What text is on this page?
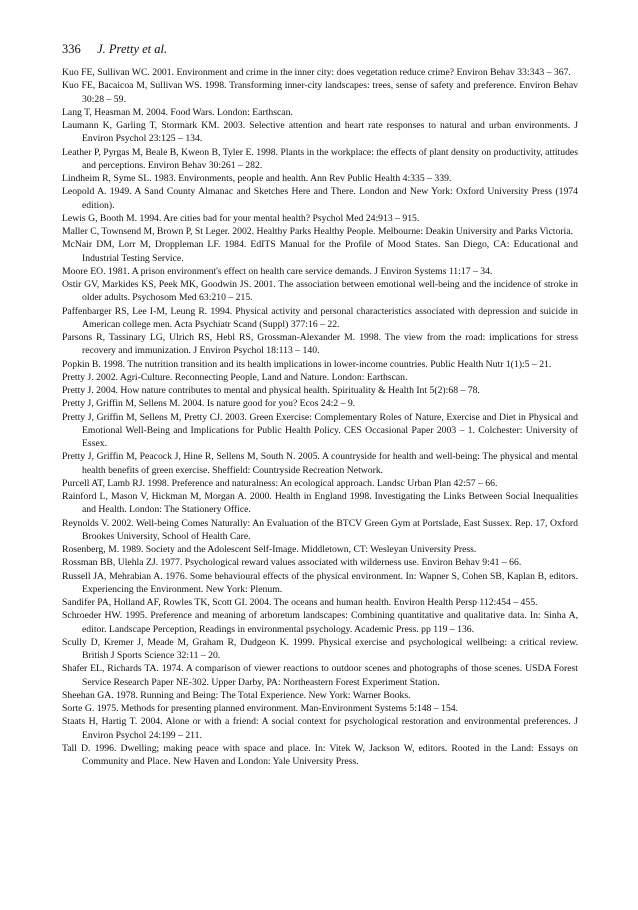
336 J. Pretty et al.

Kuo FE, Sullivan WC. 2001. Environment and crime in the inner city: does vegetation reduce crime? Environ Behav 33:343 – 367.

Kuo FE, Bacaicoa M, Sullivan WS. 1998. Transforming inner-city landscapes: trees, sense of safety and preference. Environ Behav 30:28 – 59.

Lang T, Heasman M. 2004. Food Wars. London: Earthscan.

Laumann K, Garling T, Stormark KM. 2003. Selective attention and heart rate responses to natural and urban environments. J Environ Psychol 23:125 – 134.

Leather P, Pyrgas M, Beale B, Kweon B, Tyler E. 1998. Plants in the workplace: the effects of plant density on productivity, attitudes and perceptions. Environ Behav 30:261 – 282.

Lindheim R, Syme SL. 1983. Environments, people and health. Ann Rev Public Health 4:335 – 339.

Leopold A. 1949. A Sand County Almanac and Sketches Here and There. London and New York: Oxford University Press (1974 edition).

Lewis G, Booth M. 1994. Are cities bad for your mental health? Psychol Med 24:913 – 915.

Maller C, Townsend M, Brown P, St Leger. 2002. Healthy Parks Healthy People. Melbourne: Deakin University and Parks Victoria.

McNair DM, Lorr M, Droppleman LF. 1984. EdITS Manual for the Profile of Mood States. San Diego, CA: Educational and Industrial Testing Service.

Moore EO. 1981. A prison environment's effect on health care service demands. J Environ Systems 11:17 – 34.

Ostir GV, Markides KS, Peek MK, Goodwin JS. 2001. The association between emotional well-being and the incidence of stroke in older adults. Psychosom Med 63:210 – 215.

Paffenbarger RS, Lee I-M, Leung R. 1994. Physical activity and personal characteristics associated with depression and suicide in American college men. Acta Psychiatr Scand (Suppl) 377:16 – 22.

Parsons R, Tassinary LG, Ulrich RS, Hebl RS, Grossman-Alexander M. 1998. The view from the road: implications for stress recovery and immunization. J Environ Psychol 18:113 – 140.

Popkin B. 1998. The nutrition transition and its health implications in lower-income countries. Public Health Nutr 1(1):5 – 21.

Pretty J. 2002. Agri-Culture. Reconnecting People, Land and Nature. London: Earthscan.

Pretty J. 2004. How nature contributes to mental and physical health. Spirituality & Health Int 5(2):68 – 78.

Pretty J, Griffin M, Sellens M. 2004. Is nature good for you? Ecos 24:2 – 9.

Pretty J, Griffin M, Sellens M, Pretty CJ. 2003. Green Exercise: Complementary Roles of Nature, Exercise and Diet in Physical and Emotional Well-Being and Implications for Public Health Policy. CES Occasional Paper 2003 – 1. Colchester: University of Essex.

Pretty J, Griffin M, Peacock J, Hine R, Sellens M, South N. 2005. A countryside for health and well-being: The physical and mental health benefits of green exercise. Sheffield: Countryside Recreation Network.

Purcell AT, Lamb RJ. 1998. Preference and naturalness: An ecological approach. Landsc Urban Plan 42:57 – 66.

Rainford L, Mason V, Hickman M, Morgan A. 2000. Health in England 1998. Investigating the Links Between Social Inequalities and Health. London: The Stationery Office.

Reynolds V. 2002. Well-being Comes Naturally: An Evaluation of the BTCV Green Gym at Portslade, East Sussex. Rep. 17, Oxford Brookes University, School of Health Care.

Rosenberg, M. 1989. Society and the Adolescent Self-Image. Middletown, CT: Wesleyan University Press.

Rossman BB, Ulehla ZJ. 1977. Psychological reward values associated with wilderness use. Environ Behav 9:41 – 66.

Russell JA, Mehrabian A. 1976. Some behavioural effects of the physical environment. In: Wapner S, Cohen SB, Kaplan B, editors. Experiencing the Environment. New York: Plenum.

Sandifer PA, Holland AF, Rowles TK, Scott GI. 2004. The oceans and human health. Environ Health Persp 112:454 – 455.

Schroeder HW. 1995. Preference and meaning of arboretum landscapes: Combining quantitative and qualitative data. In: Sinha A, editor. Landscape Perception, Readings in environmental psychology. Academic Press. pp 119 – 136.

Scully D, Kremer J, Meade M, Graham R, Dudgeon K. 1999. Physical exercise and psychological wellbeing: a critical review. British J Sports Science 32:11 – 20.

Shafer EL, Richards TA. 1974. A comparison of viewer reactions to outdoor scenes and photographs of those scenes. USDA Forest Service Research Paper NE-302. Upper Darby, PA: Northeastern Forest Experiment Station.

Sheehan GA. 1978. Running and Being: The Total Experience. New York: Warner Books.

Sorte G. 1975. Methods for presenting planned environment. Man-Environment Systems 5:148 – 154.

Staats H, Hartig T. 2004. Alone or with a friend: A social context for psychological restoration and environmental preferences. J Environ Psychol 24:199 – 211.

Tall D. 1996. Dwelling; making peace with space and place. In: Vitek W, Jackson W, editors. Rooted in the Land: Essays on Community and Place. New Haven and London: Yale University Press.
